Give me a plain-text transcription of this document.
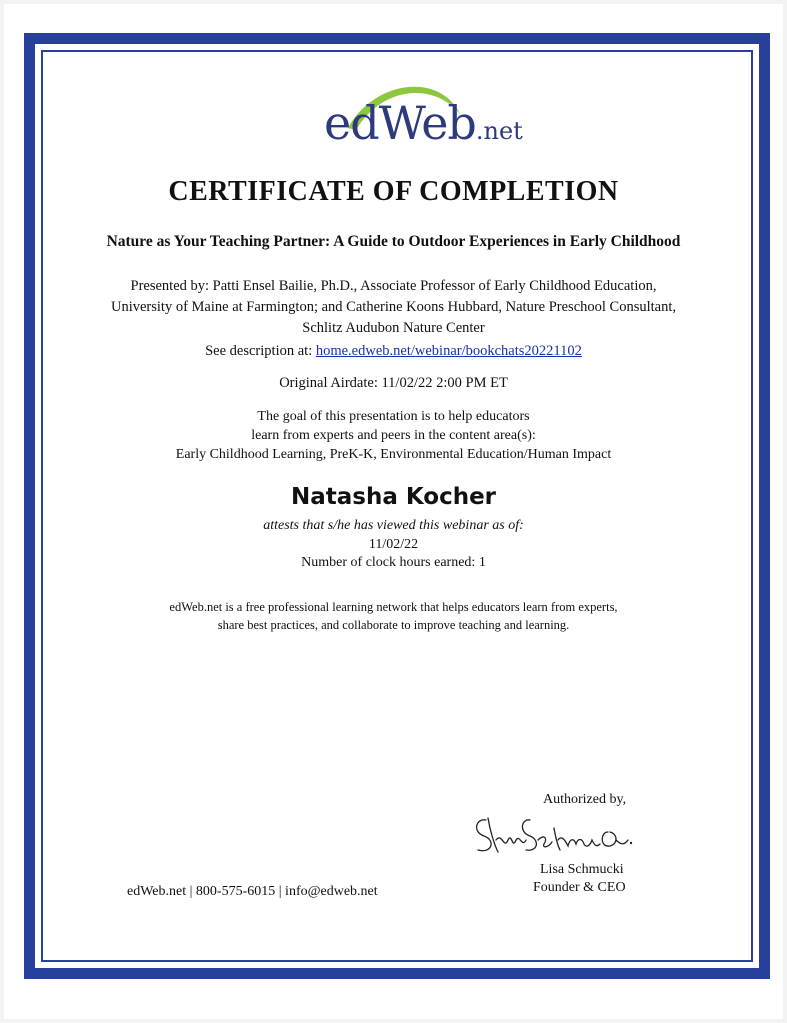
edWeb.net
CERTIFICATE OF COMPLETION
Nature as Your Teaching Partner: A Guide to Outdoor Experiences in Early Childhood
Presented by: Patti Ensel Bailie, Ph.D., Associate Professor of Early Childhood Education, University of Maine at Farmington; and Catherine Koons Hubbard, Nature Preschool Consultant, Schlitz Audubon Nature Center
See description at: home.edweb.net/webinar/bookchats20221102
Original Airdate: 11/02/22 2:00 PM ET
The goal of this presentation is to help educators
learn from experts and peers in the content area(s):
Early Childhood Learning, PreK-K, Environmental Education/Human Impact
Natasha Kocher
attests that s/he has viewed this webinar as of:
11/02/22
Number of clock hours earned: 1
edWeb.net is a free professional learning network that helps educators learn from experts, share best practices, and collaborate to improve teaching and learning.
Authorized by,
Lisa Schmucki
Founder & CEO
edWeb.net | 800-575-6015 | info@edweb.net
